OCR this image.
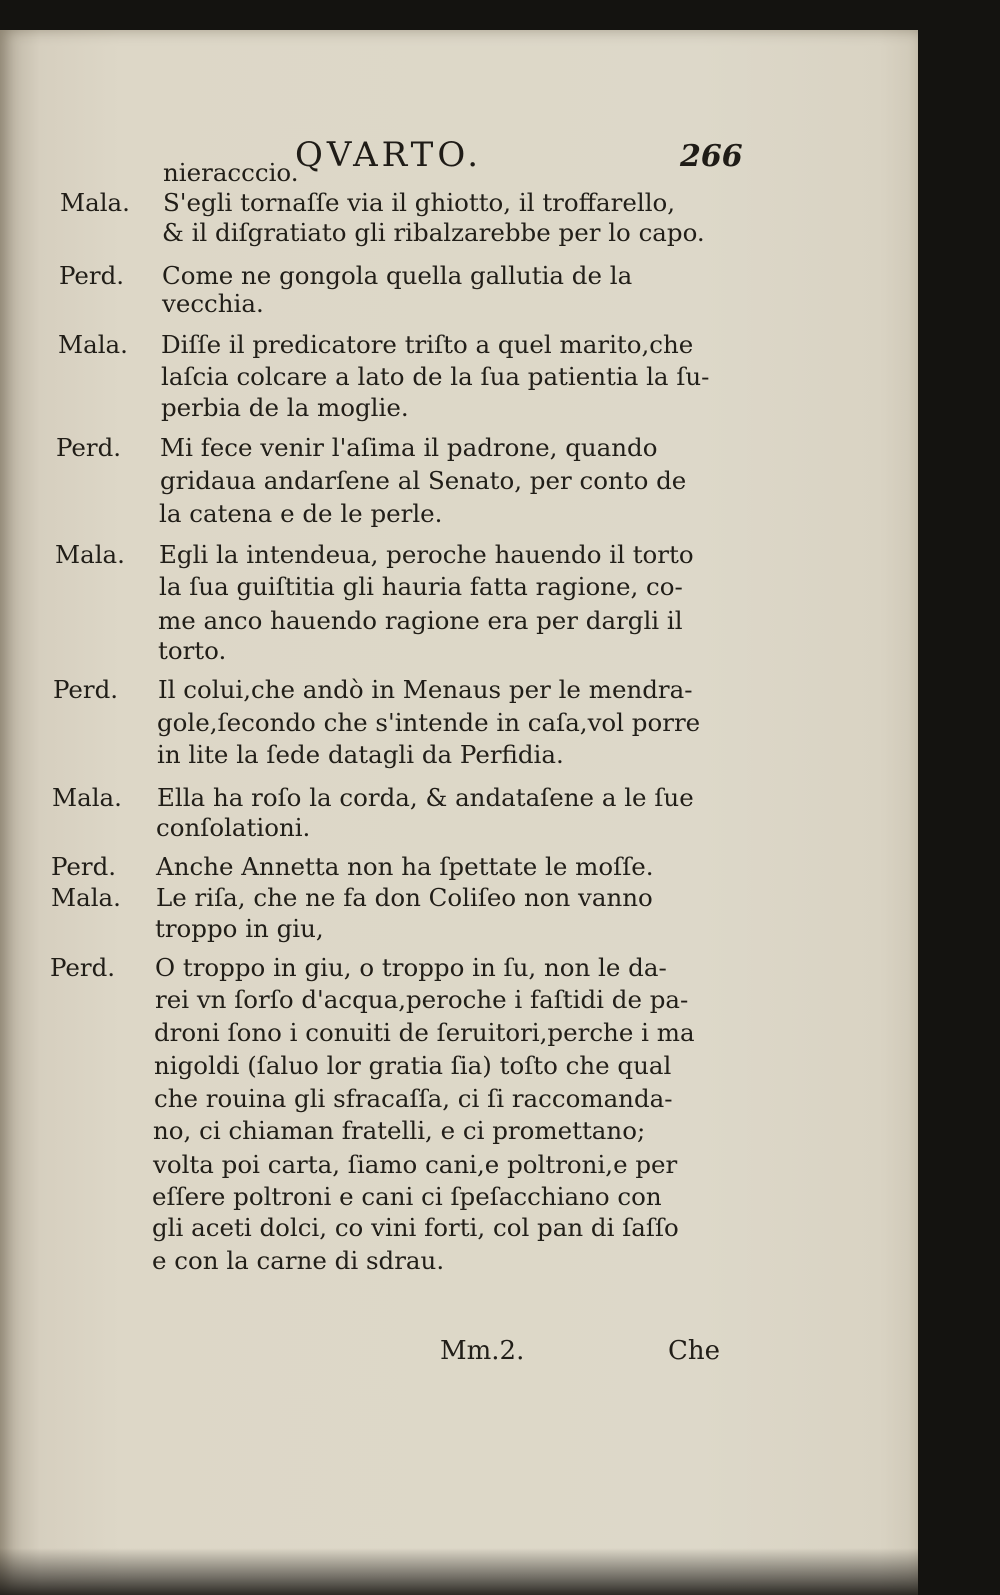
QVARTO.	266
nieracccio.
Mala. S'egli tornaſſe via il ghiotto, il troffarello,
& il diſgratiato gli ribalzarebbe per lo capo.
Perd. Come ne gongola quella gallutia de la
vecchia.
Mala. Diſſe il predicatore triſto a quel marito,che
laſcia colcare a lato de la ſua patientia la ſu-
perbia de la moglie.
Perd. Mi fece venir l'aſima il padrone, quando
gridaua andarſene al Senato, per conto de
la catena e de le perle.
Mala. Egli la intendeua, peroche hauendo il torto
la ſua guiſtitia gli hauria fatta ragione, co-
me anco hauendo ragione era per dargli il
torto.
Perd. Il colui,che andò in Menaus per le mendra-
gole,ſecondo che s'intende in caſa,vol porre
in lite la ſede datagli da Perfidia.
Mala. Ella ha roſo la corda, & andataſene a le ſue
conſolationi.
Perd. Anche Annetta non ha ſpettate le moſſe.
Mala. Le riſa, che ne fa don Coliſeo non vanno
troppo in giu,
Perd. O troppo in giu, o troppo in ſu, non le da-
rei vn ſorſo d'acqua,peroche i faſtidi de pa-
droni ſono i conuiti de ſeruitori,perche i ma
nigoldi (ſaluo lor gratia ſia) toſto che qual
che rouina gli sfracaſſa, ci ſi raccomanda-
no, ci chiaman fratelli, e ci promettano;
volta poi carta, ſiamo cani,e poltroni,e per
eſſere poltroni e cani ci ſpeſacchiano con
gli aceti dolci, co vini forti, col pan di ſaſſo
e con la carne di sdrau.
Mm.2.	Che
